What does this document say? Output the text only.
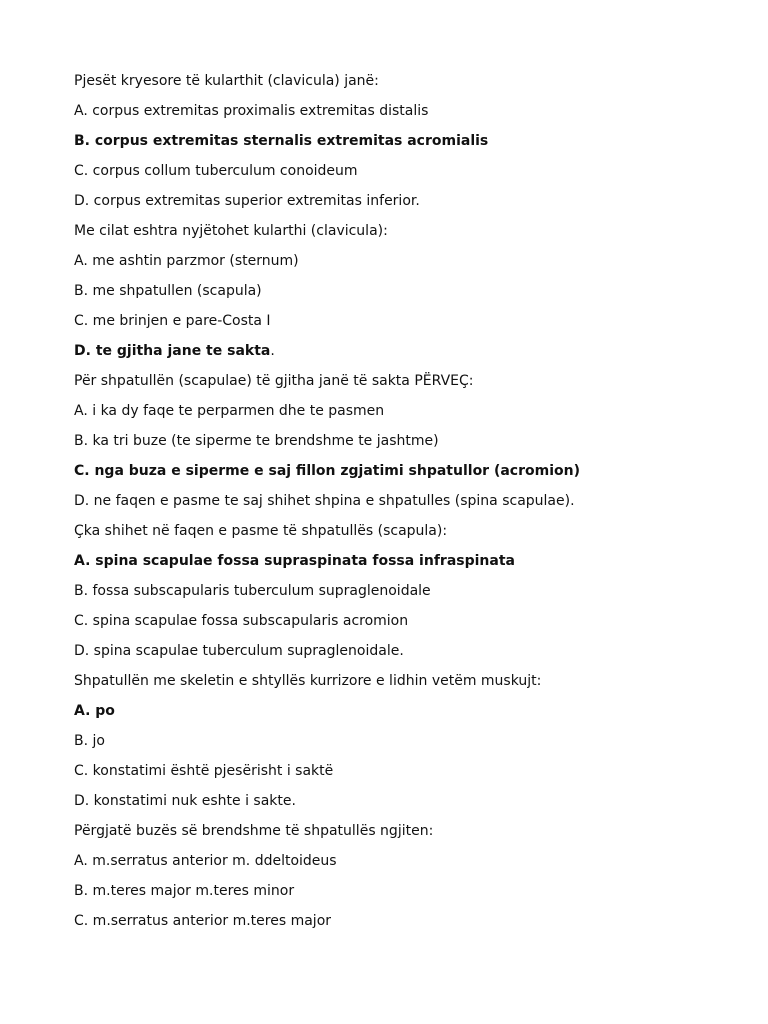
Pjesët kryesore të kularthit (clavicula) janë:
A. corpus extremitas proximalis extremitas distalis
B. corpus extremitas sternalis extremitas acromialis
C. corpus collum tuberculum conoideum
D. corpus extremitas superior extremitas inferior.
Me cilat eshtra nyjëtohet kularthi (clavicula):
A. me ashtin parzmor (sternum)
B. me shpatullen (scapula)
C. me brinjen e pare-Costa I
D. te gjitha jane te sakta.
Për shpatullën (scapulae) të gjitha janë të sakta PËRVEÇ:
A. i ka dy faqe te perparmen dhe te pasmen
B. ka tri buze (te siperme te brendshme te jashtme)
C. nga buza e siperme e saj fillon zgjatimi shpatullor (acromion)
D. ne faqen e pasme te saj shihet shpina e shpatulles (spina scapulae).
Çka shihet në faqen e pasme të shpatullës (scapula):
A. spina scapulae fossa supraspinata fossa infraspinata
B. fossa subscapularis tuberculum supraglenoidale
C. spina scapulae fossa subscapularis acromion
D. spina scapulae tuberculum supraglenoidale.
Shpatullën me skeletin e shtyllës kurrizore e lidhin vetëm muskujt:
A. po
B. jo
C. konstatimi është pjesërisht i saktë
D. konstatimi nuk eshte i sakte.
Përgjatë buzës së brendshme të shpatullës ngjiten:
A. m.serratus anterior m. ddeltoideus
B. m.teres major m.teres minor
C. m.serratus anterior m.teres major
